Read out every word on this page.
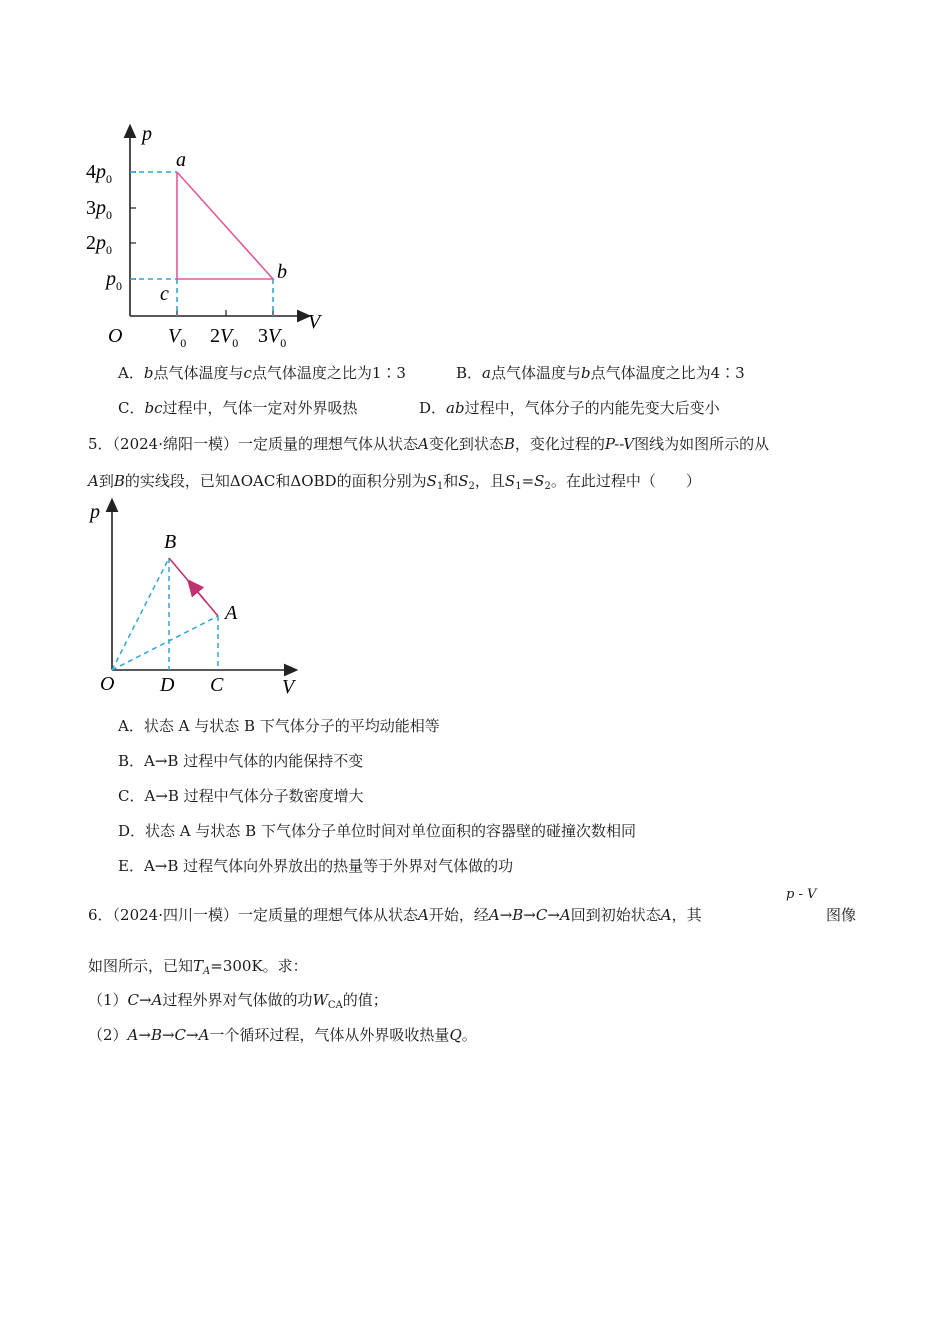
p
V
O
$4p_0$
$3p_0$
$2p_0$
$p_0$
$V_0$ $2V_0$ $3V_0$
a
b
c
A．b点气体温度与c点气体温度之比为1∶3	B．a点气体温度与b点气体温度之比为4∶3
C．bc过程中，气体一定对外界吸热	D．ab过程中，气体分子的内能先变大后变小
5．（2024·绵阳一模）一定质量的理想气体从状态A变化到状态B，变化过程的P--V图线为如图所示的从
A到B的实线段，已知ΔOAC和ΔOBD的面积分别为$S_1$和$S_2$，且$S_1=S_2$。在此过程中（　　）
p
V
O
B
A
D C
A．状态 A 与状态 B 下气体分子的平均动能相等
B．A→B 过程中气体的内能保持不变
C．A→B 过程中气体分子数密度增大
D．状态 A 与状态 B 下气体分子单位时间对单位面积的容器壁的碰撞次数相同
E．A→B 过程气体向外界放出的热量等于外界对气体做的功
6．（2024·四川一模）一定质量的理想气体从状态A开始，经A→B→C→A回到初始状态A，其
p - V
图像
如图所示，已知$T_A=300K$。求：
（1）C→A过程外界对气体做的功$W_{CA}$的值；
（2）A→B→C→A一个循环过程，气体从外界吸收热量Q。
